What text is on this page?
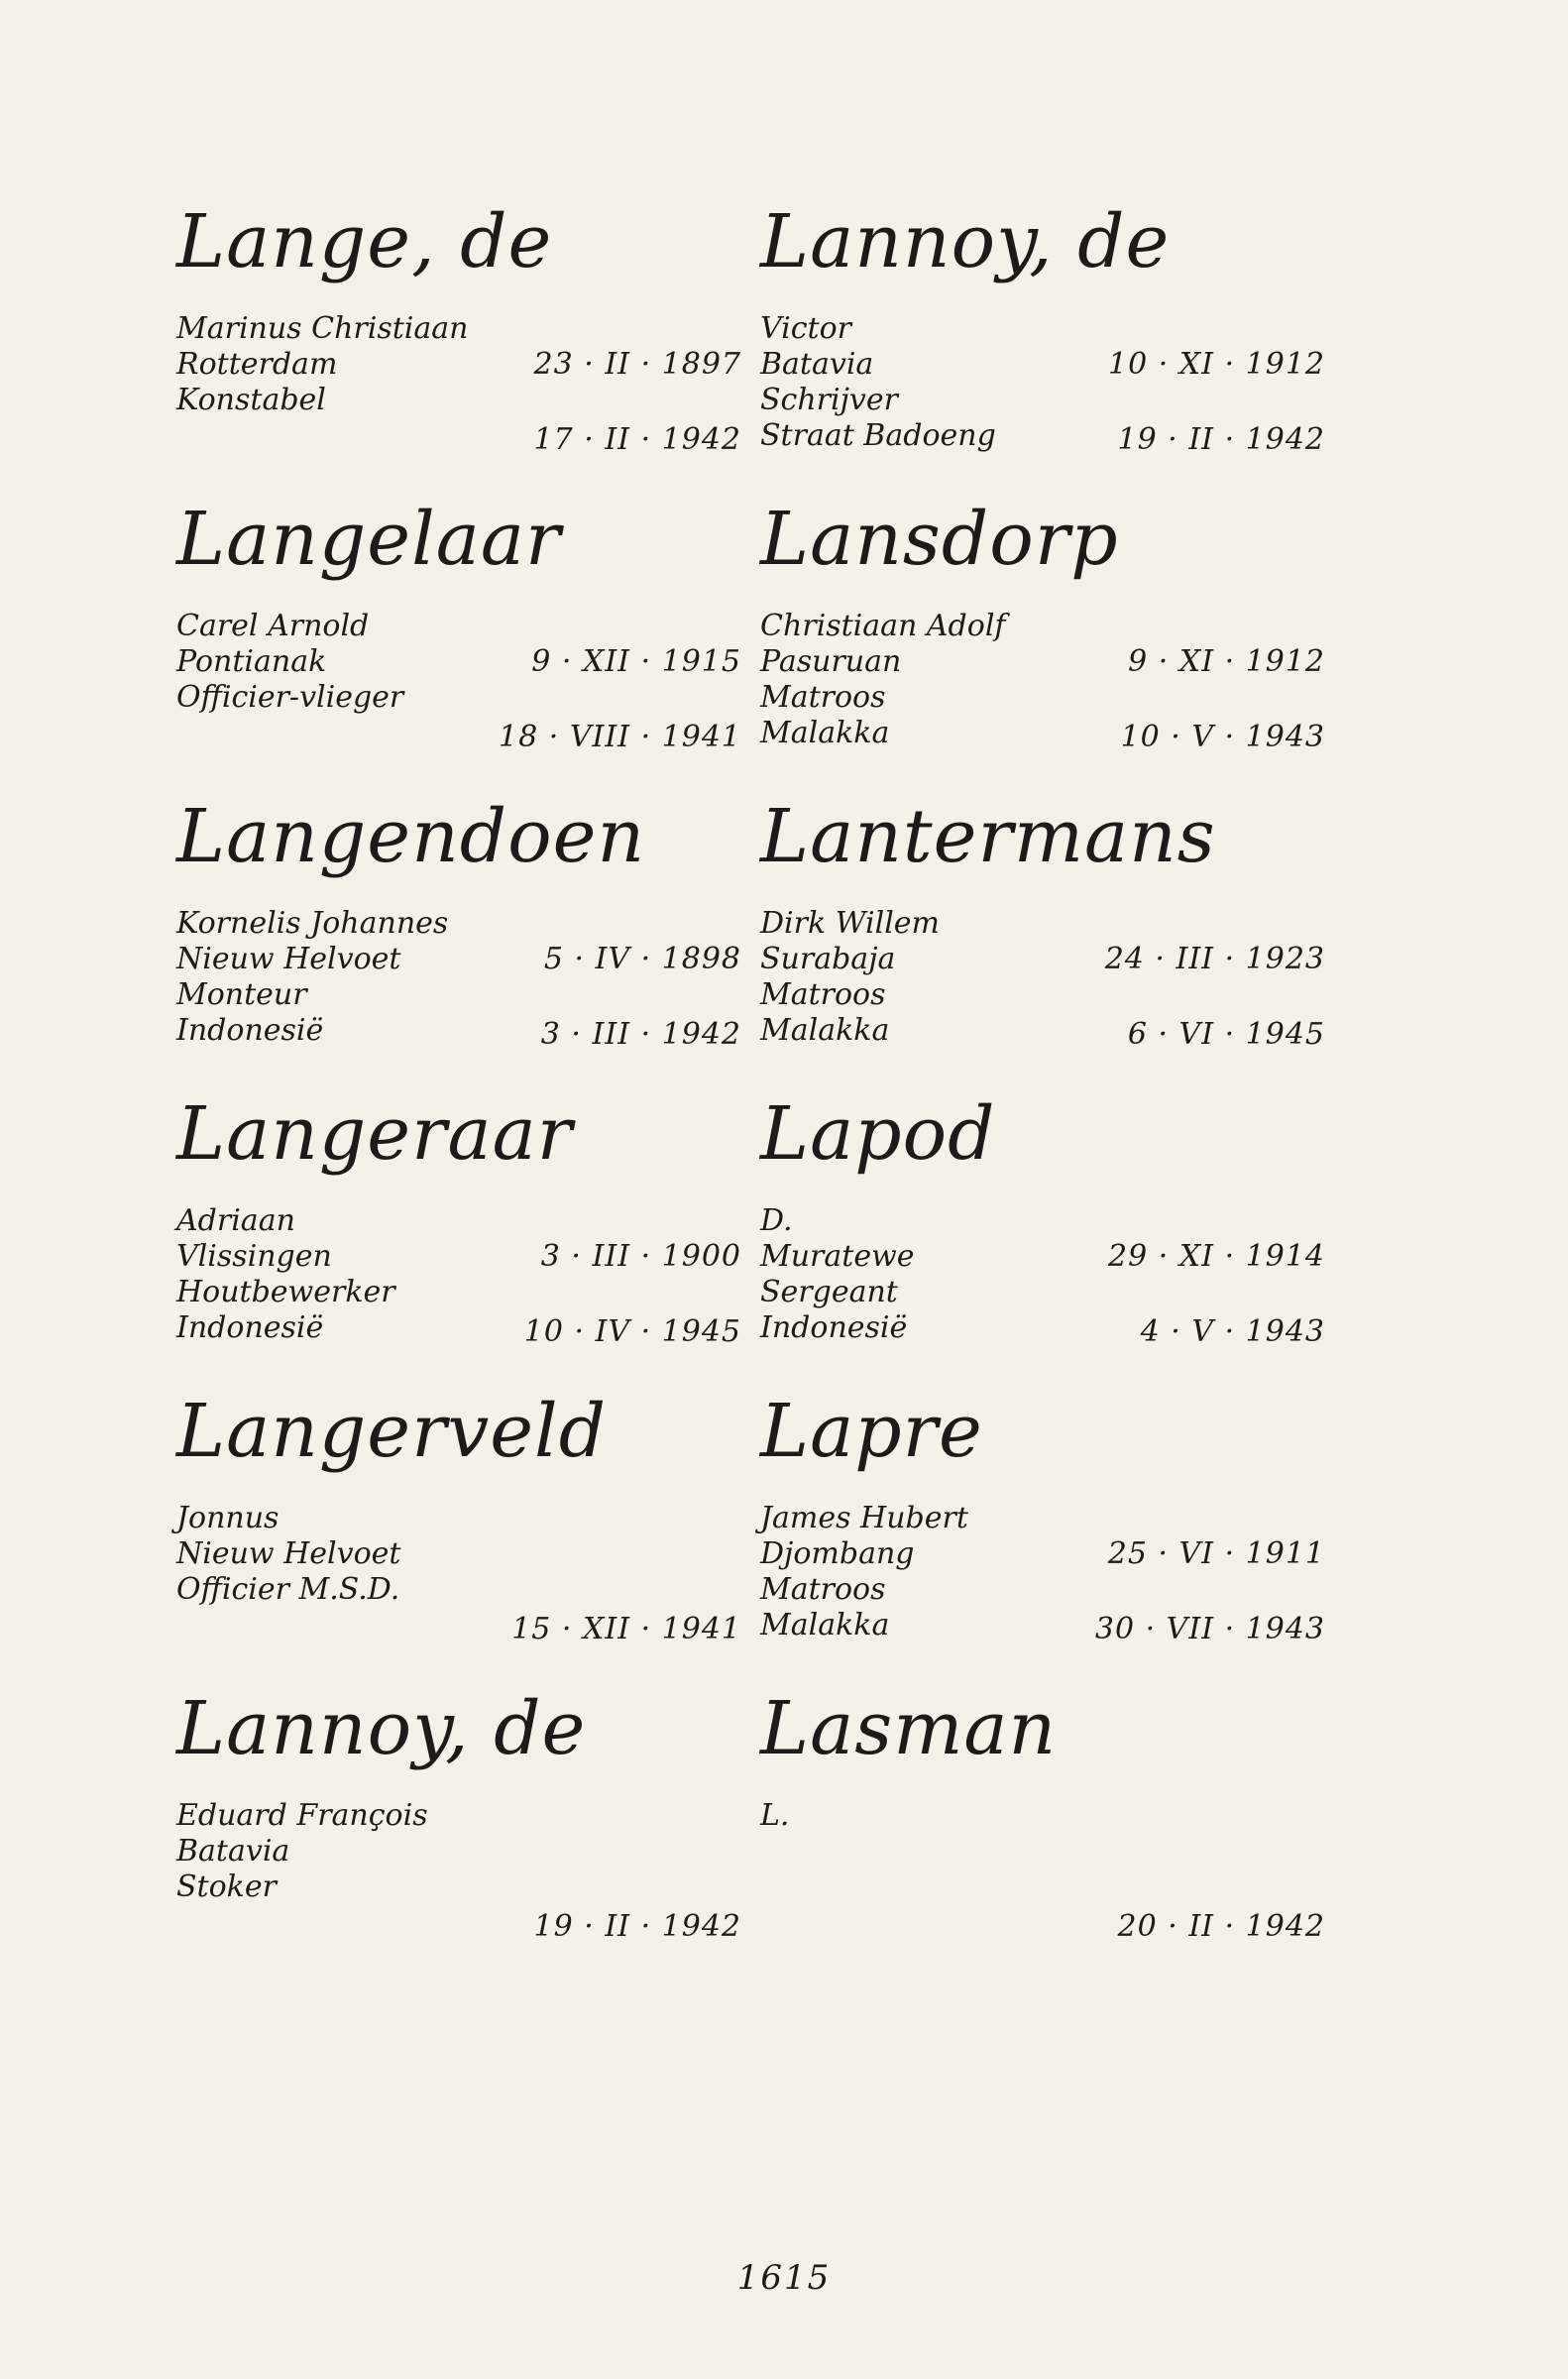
Lange, de
Marinus Christiaan
Rotterdam
Konstabel
23 · II · 1897
17 · II · 1942
Lannoy, de
Victor
Batavia
Schrijver
Straat Badoeng
10 · XI · 1912
19 · II · 1942
Langelaar
Carel Arnold
Pontianak
Officier-vlieger
9 · XII · 1915
18 · VIII · 1941
Lansdorp
Christiaan Adolf
Pasuruan
Matroos
Malakka
9 · XI · 1912
10 · V · 1943
Langendoen
Kornelis Johannes
Nieuw Helvoet
Monteur
Indonesië
5 · IV · 1898
3 · III · 1942
Lantermans
Dirk Willem
Surabaja
Matroos
Malakka
24 · III · 1923
6 · VI · 1945
Langeraar
Adriaan
Vlissingen
Houtbewerker
Indonesië
3 · III · 1900
10 · IV · 1945
Lapod
D.
Muratewe
Sergeant
Indonesië
29 · XI · 1914
4 · V · 1943
Langerveld
Jonnus
Nieuw Helvoet
Officier M.S.D.
15 · XII · 1941
Lapre
James Hubert
Djombang
Matroos
Malakka
25 · VI · 1911
30 · VII · 1943
Lannoy, de
Eduard François
Batavia
Stoker
19 · II · 1942
Lasman
L.
20 · II · 1942
1615
